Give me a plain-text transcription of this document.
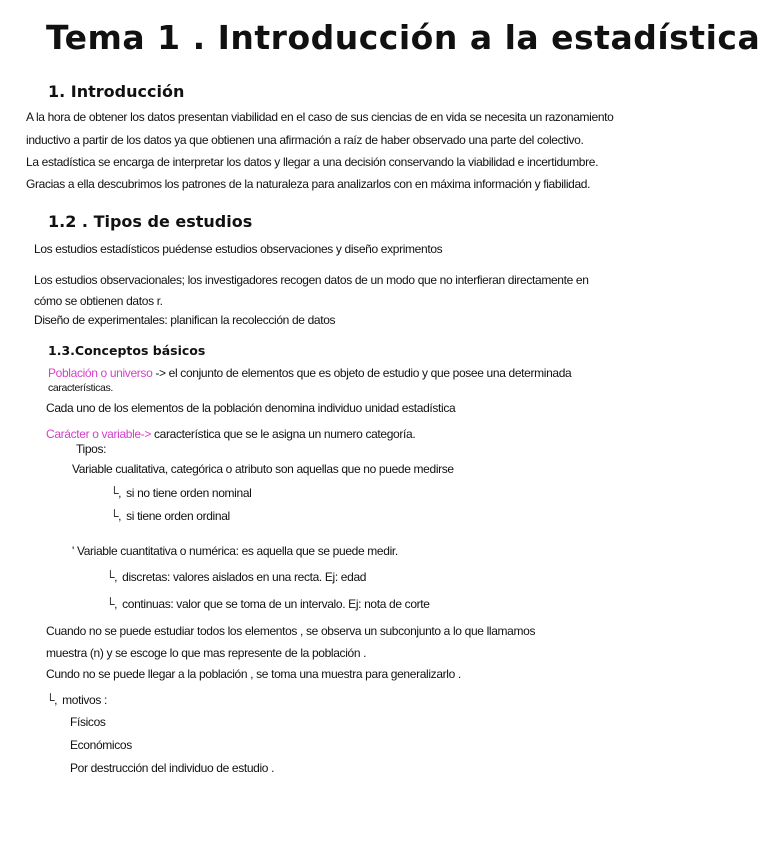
Tema 1 . Introducción a la estadística
1. Introducción
A la hora de obtener los datos presentan viabilidad en el caso de sus ciencias de en vida se necesita un razonamiento
inductivo a partir de los datos ya que obtienen una afirmación a raíz de haber observado una parte del colectivo.
La estadística se encarga de interpretar los datos y llegar a una decisión conservando la viabilidad e incertidumbre.
Gracias a ella descubrimos los patrones de la naturaleza para analizarlos con en máxima información y fiabilidad.
1.2 . Tipos de estudios
Los estudios estadísticos puédense estudios observaciones y diseño exprimentos
Los estudios observacionales; los investigadores recogen datos de un modo que no interfieran directamente en
cómo se obtienen datos r.
Diseño de experimentales: planifican la recolección de datos
1.3.Conceptos básicos
Población o universo -> el conjunto de elementos que es objeto de estudio y que posee una determinada
características.
Cada uno de los elementos de la población denomina individuo unidad estadística
Carácter o variable-> característica que se le asigna un numero categoría.
Tipos:
Variable cualitativa, categórica o atributo son aquellas que no puede medirse
└, si no tiene orden nominal
└, si tiene orden ordinal
' Variable cuantitativa o numérica: es aquella que se puede medir.
└, discretas: valores aislados en una recta. Ej: edad
└, continuas: valor que se toma de un intervalo. Ej: nota de corte
Cuando no se puede estudiar todos los elementos , se observa un subconjunto a lo que llamamos
muestra (n) y se escoge lo que mas represente de la población .
Cundo no se puede llegar a la población , se toma una muestra para generalizarlo .
└, motivos :
Físicos
Económicos
Por destrucción del individuo de estudio .
